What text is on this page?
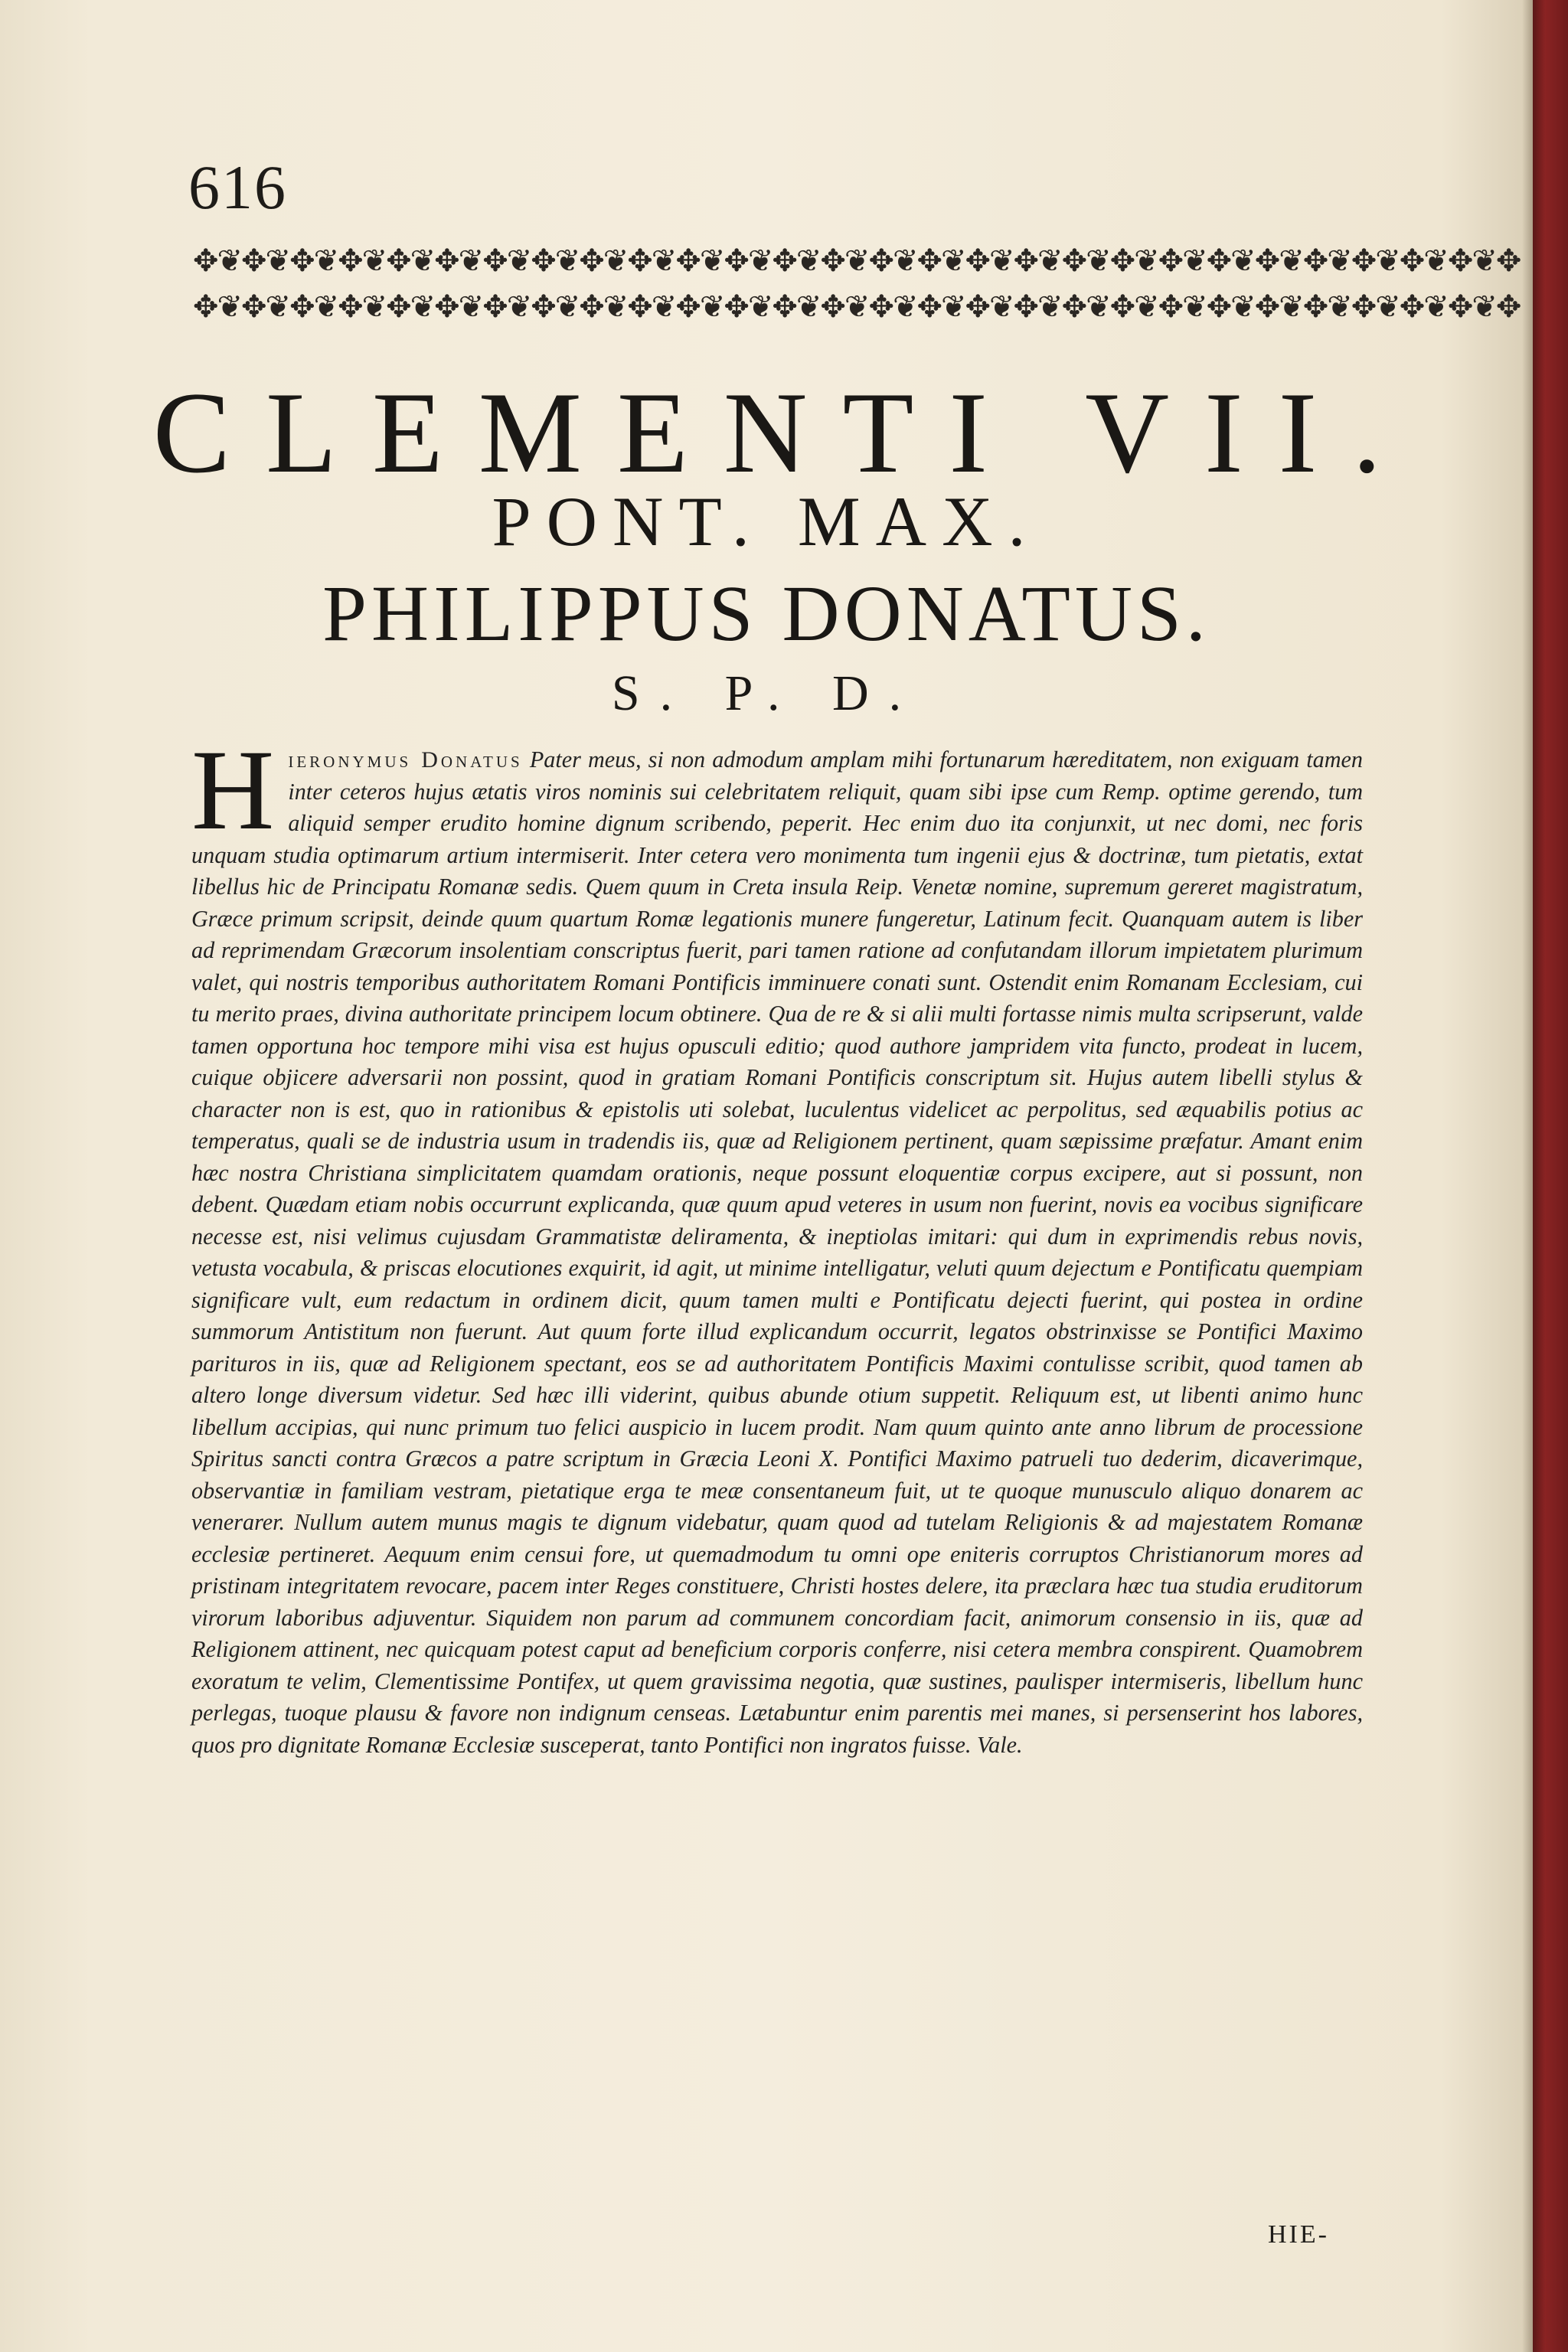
616
✥❦✥❦✥❦✥❦✥❦✥❦✥❦✥❦✥❦✥❦✥❦✥❦✥❦✥❦✥❦✥❦✥❦✥❦✥❦✥❦✥❦✥❦✥❦✥❦✥❦✥❦✥❦✥
✥❦✥❦✥❦✥❦✥❦✥❦✥❦✥❦✥❦✥❦✥❦✥❦✥❦✥❦✥❦✥❦✥❦✥❦✥❦✥❦✥❦✥❦✥❦✥❦✥❦✥❦✥❦✥
CLEMENTI VII.
PONT. MAX.
PHILIPPUS DONATUS.
S. P. D.
Hieronymus Donatus Pater meus, si non admodum amplam mihi fortunarum hæreditatem, non exiguam tamen inter ceteros hujus ætatis viros nominis sui celebritatem reliquit, quam sibi ipse cum Remp. optime gerendo, tum aliquid semper erudito homine dignum scribendo, peperit. Hec enim duo ita conjunxit, ut nec domi, nec foris unquam studia optimarum artium intermiserit. Inter cetera vero monimenta tum ingenii ejus & doctrinæ, tum pietatis, extat libellus hic de Principatu Romanæ sedis. Quem quum in Creta insula Reip. Venetæ nomine, supremum gereret magistratum, Græce primum scripsit, deinde quum quartum Romæ legationis munere fungeretur, Latinum fecit. Quanquam autem is liber ad reprimendam Græcorum insolentiam conscriptus fuerit, pari tamen ratione ad confutandam illorum impietatem plurimum valet, qui nostris temporibus authoritatem Romani Pontificis imminuere conati sunt. Ostendit enim Romanam Ecclesiam, cui tu merito praes, divina authoritate principem locum obtinere. Qua de re & si alii multi fortasse nimis multa scripserunt, valde tamen opportuna hoc tempore mihi visa est hujus opusculi editio; quod authore jampridem vita functo, prodeat in lucem, cuique objicere adversarii non possint, quod in gratiam Romani Pontificis conscriptum sit. Hujus autem libelli stylus & character non is est, quo in rationibus & epistolis uti solebat, luculentus videlicet ac perpolitus, sed æquabilis potius ac temperatus, quali se de industria usum in tradendis iis, quæ ad Religionem pertinent, quam sæpissime præfatur. Amant enim hæc nostra Christiana simplicitatem quamdam orationis, neque possunt eloquentiæ corpus excipere, aut si possunt, non debent. Quædam etiam nobis occurrunt explicanda, quæ quum apud veteres in usum non fuerint, novis ea vocibus significare necesse est, nisi velimus cujusdam Grammatistæ deliramenta, & ineptiolas imitari: qui dum in exprimendis rebus novis, vetusta vocabula, & priscas elocutiones exquirit, id agit, ut minime intelligatur, veluti quum dejectum e Pontificatu quempiam significare vult, eum redactum in ordinem dicit, quum tamen multi e Pontificatu dejecti fuerint, qui postea in ordine summorum Antistitum non fuerunt. Aut quum forte illud explicandum occurrit, legatos obstrinxisse se Pontifici Maximo parituros in iis, quæ ad Religionem spectant, eos se ad authoritatem Pontificis Maximi contulisse scribit, quod tamen ab altero longe diversum videtur. Sed hæc illi viderint, quibus abunde otium suppetit. Reliquum est, ut libenti animo hunc libellum accipias, qui nunc primum tuo felici auspicio in lucem prodit. Nam quum quinto ante anno librum de processione Spiritus sancti contra Græcos a patre scriptum in Græcia Leoni X. Pontifici Maximo patrueli tuo dederim, dicaverimque, observantiæ in familiam vestram, pietatique erga te meæ consentaneum fuit, ut te quoque munusculo aliquo donarem ac venerarer. Nullum autem munus magis te dignum videbatur, quam quod ad tutelam Religionis & ad majestatem Romanæ ecclesiæ pertineret. Aequum enim censui fore, ut quemadmodum tu omni ope eniteris corruptos Christianorum mores ad pristinam integritatem revocare, pacem inter Reges constituere, Christi hostes delere, ita præclara hæc tua studia eruditorum virorum laboribus adjuventur. Siquidem non parum ad communem concordiam facit, animorum consensio in iis, quæ ad Religionem attinent, nec quicquam potest caput ad beneficium corporis conferre, nisi cetera membra conspirent. Quamobrem exoratum te velim, Clementissime Pontifex, ut quem gravissima negotia, quæ sustines, paulisper intermiseris, libellum hunc perlegas, tuoque plausu & favore non indignum censeas. Lætabuntur enim parentis mei manes, si persenserint hos labores, quos pro dignitate Romanæ Ecclesiæ susceperat, tanto Pontifici non ingratos fuisse. Vale.
HIE-
